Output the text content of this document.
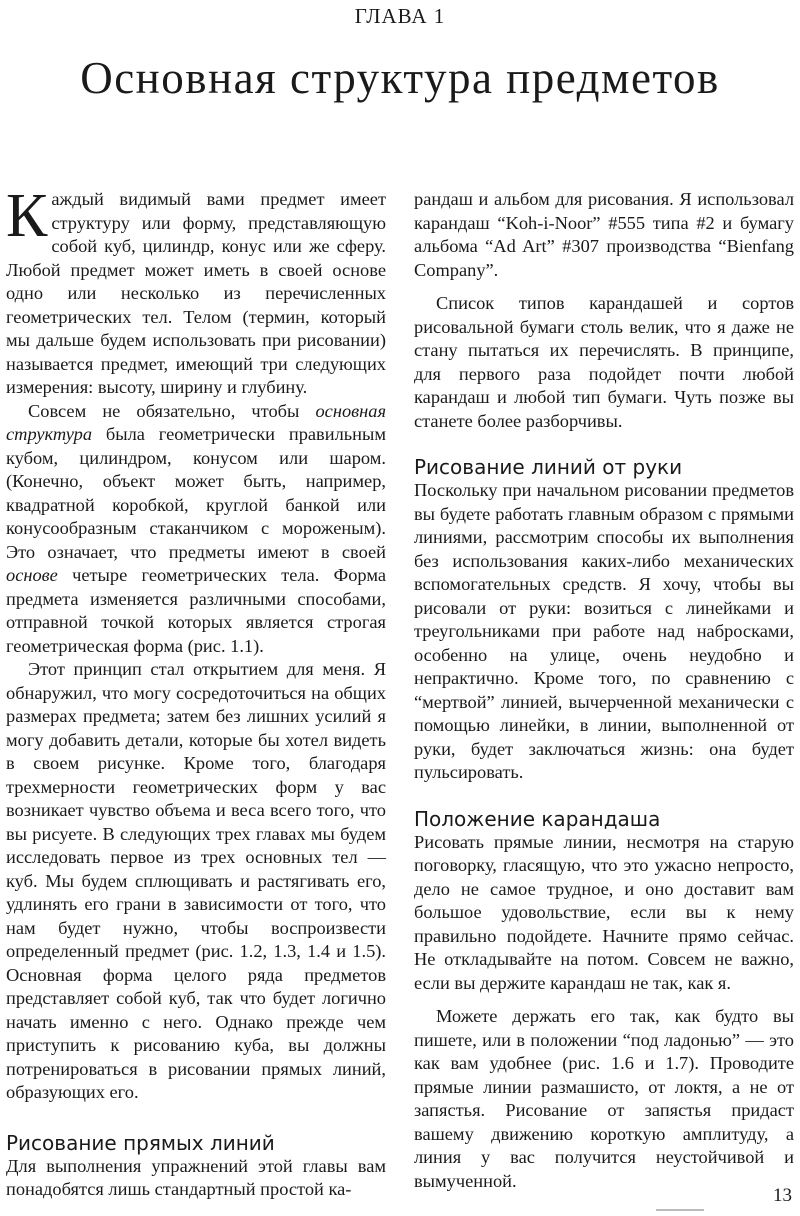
ГЛАВА 1
Основная структура предметов

Каждый видимый вами предмет имеет структуру или форму, представляющую собой куб, цилиндр, конус или же сферу. Любой предмет может иметь в своей основе одно или несколько из перечисленных геометрических тел. Телом (термин, который мы дальше будем использовать при рисовании) называется предмет, имеющий три следующих измерения: высоту, ширину и глубину.

Совсем не обязательно, чтобы основная структура была геометрически правильным кубом, цилиндром, конусом или шаром. (Конечно, объект может быть, например, квадратной коробкой, круглой банкой или конусообразным стаканчиком с мороженым). Это означает, что предметы имеют в своей основе четыре геометрических тела. Форма предмета изменяется различными способами, отправной точкой которых является строгая геометрическая форма (рис. 1.1).

Этот принцип стал открытием для меня. Я обнаружил, что могу сосредоточиться на общих размерах предмета; затем без лишних усилий я могу добавить детали, которые бы хотел видеть в своем рисунке. Кроме того, благодаря трехмерности геометрических форм у вас возникает чувство объема и веса всего того, что вы рисуете. В следующих трех главах мы будем исследовать первое из трех основных тел — куб. Мы будем сплющивать и растягивать его, удлинять его грани в зависимости от того, что нам будет нужно, чтобы воспроизвести определенный предмет (рис. 1.2, 1.3, 1.4 и 1.5). Основная форма целого ряда предметов представляет собой куб, так что будет логично начать именно с него. Однако прежде чем приступить к рисованию куба, вы должны потренироваться в рисовании прямых линий, образующих его.

Рисование прямых линий

Для выполнения упражнений этой главы вам понадобятся лишь стандартный простой ка-

рандаш и альбом для рисования. Я использовал карандаш “Koh-i-Noor” #555 типа #2 и бумагу альбома “Ad Art” #307 производства “Bienfang Company”.

Список типов карандашей и сортов рисовальной бумаги столь велик, что я даже не стану пытаться их перечислять. В принципе, для первого раза подойдет почти любой карандаш и любой тип бумаги. Чуть позже вы станете более разборчивы.

Рисование линий от руки

Поскольку при начальном рисовании предметов вы будете работать главным образом с прямыми линиями, рассмотрим способы их выполнения без использования каких-либо механических вспомогательных средств. Я хочу, чтобы вы рисовали от руки: возиться с линейками и треугольниками при работе над набросками, особенно на улице, очень неудобно и непрактично. Кроме того, по сравнению с “мертвой” линией, вычерченной механически с помощью линейки, в линии, выполненной от руки, будет заключаться жизнь: она будет пульсировать.

Положение карандаша

Рисовать прямые линии, несмотря на старую поговорку, гласящую, что это ужасно непросто, дело не самое трудное, и оно доставит вам большое удовольствие, если вы к нему правильно подойдете. Начните прямо сейчас. Не откладывайте на потом. Совсем не важно, если вы держите карандаш не так, как я.

Можете держать его так, как будто вы пишете, или в положении “под ладонью” — это как вам удобнее (рис. 1.6 и 1.7). Проводите прямые линии размашисто, от локтя, а не от запястья. Рисование от запястья придаст вашему движению короткую амплитуду, а линия у вас получится неустойчивой и вымученной.

13
